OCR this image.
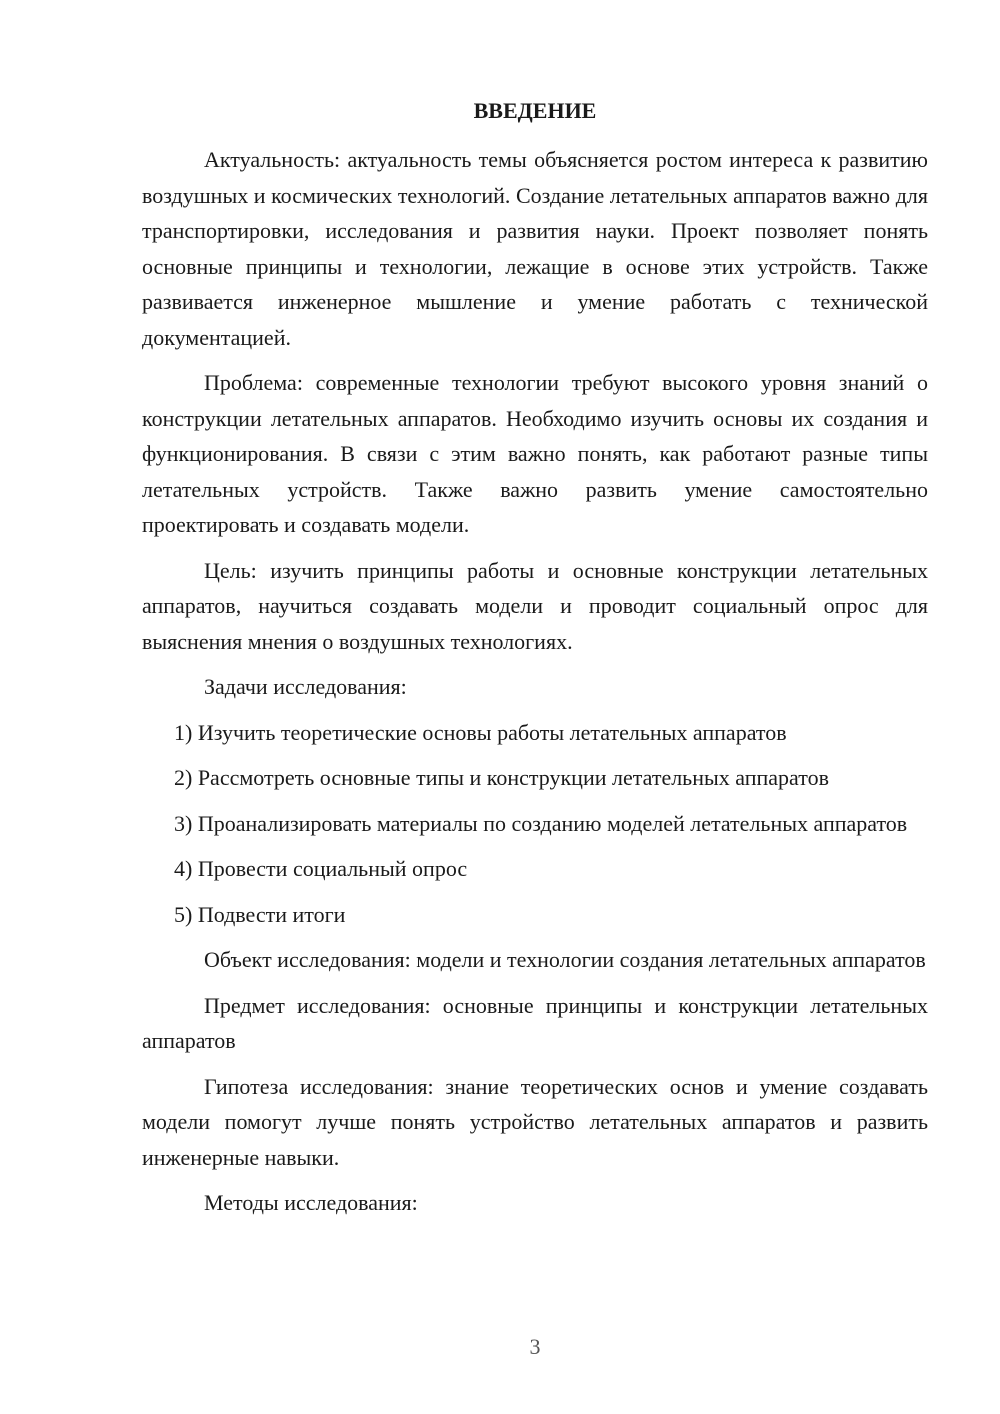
ВВЕДЕНИЕ

Актуальность: актуальность темы объясняется ростом интереса к развитию воздушных и космических технологий. Создание летательных аппаратов важно для транспортировки, исследования и развития науки. Проект позволяет понять основные принципы и технологии, лежащие в основе этих устройств. Также развивается инженерное мышление и умение работать с технической документацией.

Проблема: современные технологии требуют высокого уровня знаний о конструкции летательных аппаратов. Необходимо изучить основы их создания и функционирования. В связи с этим важно понять, как работают разные типы летательных устройств. Также важно развить умение самостоятельно проектировать и создавать модели.

Цель: изучить принципы работы и основные конструкции летательных аппаратов, научиться создавать модели и проводит социальный опрос для выяснения мнения о воздушных технологиях.

Задачи исследования:

1) Изучить теоретические основы работы летательных аппаратов

2) Рассмотреть основные типы и конструкции летательных аппаратов

3) Проанализировать материалы по созданию моделей летательных аппаратов

4) Провести социальный опрос

5) Подвести итоги

Объект исследования: модели и технологии создания летательных аппаратов

Предмет исследования: основные принципы и конструкции летательных аппаратов

Гипотеза исследования: знание теоретических основ и умение создавать модели помогут лучше понять устройство летательных аппаратов и развить инженерные навыки.

Методы исследования:

3
